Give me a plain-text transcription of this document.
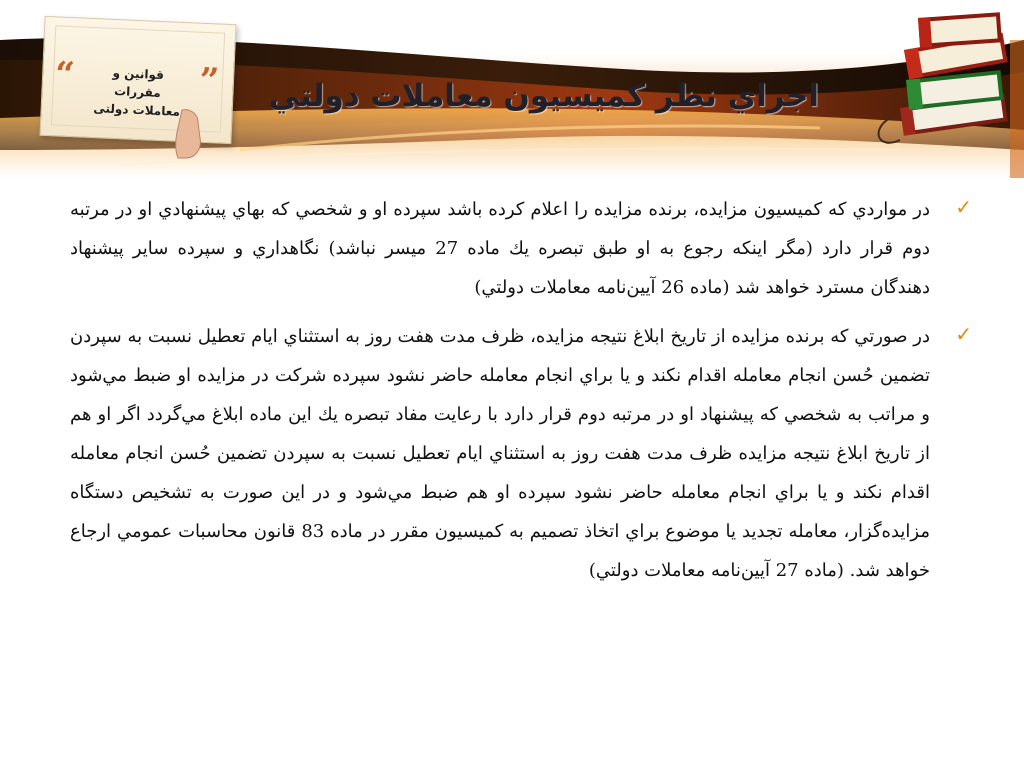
“	”
قوانين و مقررات
معاملات دولتی	اجراي نظر كميسيون معاملات دولتي
✓
در مواردي كه كميسيون مزايده، برنده مزايده را اعلام كرده باشد سپرده او و شخصي كه بهاي پيشنهادي او در مرتبه دوم قرار دارد (مگر اينكه رجوع به او طبق تبصره يك ماده 27 ميسر نباشد) نگاهداري و سپرده ساير پيشنهاد دهندگان مسترد خواهد شد (ماده 26 آيين‌نامه معاملات دولتي)
✓
در صورتي كه برنده مزايده از تاريخ ابلاغ نتيجه مزايده، ظرف مدت هفت روز به استثناي ايام تعطيل نسبت به سپردن تضمين حُسن انجام معامله اقدام نكند و يا براي انجام معامله حاضر نشود سپرده شركت در مزايده او ضبط مي‌شود و مراتب به شخصي كه پيشنهاد او در مرتبه دوم قرار دارد با رعايت مفاد تبصره يك اين ماده ابلاغ مي‌گردد اگر او هم از تاريخ ابلاغ نتيجه مزايده ظرف مدت هفت روز به استثناي ايام تعطيل نسبت به سپردن تضمين حُسن انجام معامله اقدام نكند و يا براي انجام معامله حاضر نشود سپرده او هم ضبط مي‌شود و در اين صورت به تشخيص دستگاه مزايده‌گزار، معامله تجديد يا موضوع براي اتخاذ تصميم به كميسيون مقرر در ماده 83 قانون محاسبات عمومي ارجاع خواهد شد. (ماده 27 آيين‌نامه معاملات دولتي)
